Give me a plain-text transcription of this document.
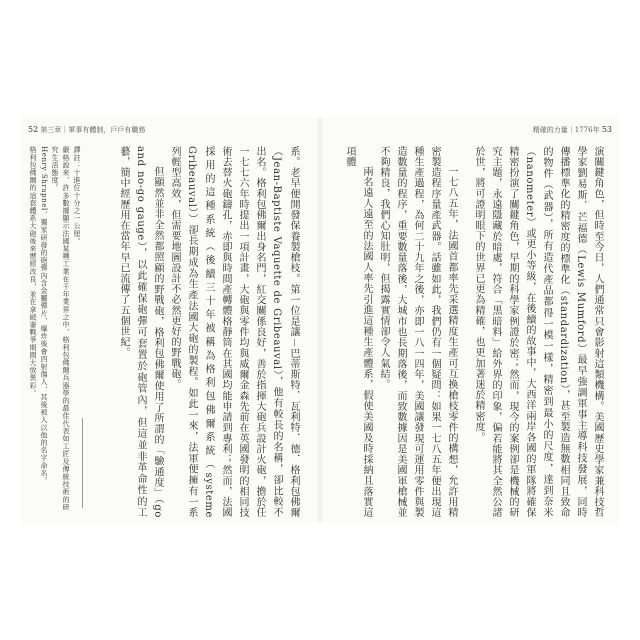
52 第三章｜軍事有體制，戶戶有職務

系。老早便開發保養製槍枝。第一位是讓－巴蒂斯特．瓦利特．德．格利包佛爾（Jean-Baptiste Vaquette de Gribeauval），他有較長的名稱，卻比較不出名。格利包佛爾出身名門，紅交關係良好，善於指揮大砲兵設計火砲，擔於任一七七六年時提出一項計畫，大砲與零件均與威爾金森先前在英國發明的相同技術去替火砲鑄孔，赤即與時間產轉體格靜筒在其國均能申請到專利；然而，法國採用的這種系統（後續三十年被稱為格利包佛爾系統（systeme Gribeauval））卻長期成為生產法國大砲的製程。如此一來，法軍便擁有一系列輕型高效，但需要地圖設計不必然更好的野戰砲。

但顯然並非全然都照顧的野戰砲，格利包佛爾使用了所謂的「驗通度」（go and no-go gauge），以此確保砲彈可套置於砲管內，但這並非革命性的工藝，簡中經歷用在當年早已流傳了五個世紀。

譯註：十進位十分之一公厘。

嚴格說來，許多數據顯示法國某種工業在千年業界之中，格利包佛爾兵器學的最佳代表如工匠及傳統技術的研究生活態度。

Henry Shrapnel，獨家研發的砲彈內含金屬彈片，爆炸後會四射傷人，其後被人以他的名字命名。

格利包佛爾的這套體系大砲後來歷經改良，並在拿破崙戰爭期間大放異彩。

精確的力量｜1776年 53

演關鍵角色，但時至今日，人們通常只會影射這類機構。美國歷史學家兼科技哲學家劉易斯．芒福德（Lewis Mumford）最早強調軍事主導科技發展，同時傳播標準化的精密度的標準化（standardization），甚至製造無數相同且致命的物件（武器），所有造代產品都得一模一樣，精密到最小的尺度，達到奈米（nanometer）或更小等級，在後續的故事中，大西洋兩岸各國的軍隊將確保精密扮演了關鍵角色，早期的科學家例證於密；然而，現今的案例卻是機械的研究主題，永遠隱藏於暗處，符合「黑暗料」給外界的印象，偏若能將其全然公諸於世，將可證明眼下的世界已更為精確，也更加著迷於精密度。

一七八五年，法國首都率先采選精度生產可互換槍枝零件的構想，允許用精密製造程序量產武器。話雖如此，我們仍有一個疑問：如果一七八五年便出現這種生產過程，為何二十九年之後，亦即一八一四年，美國讓發現可運用零件與製造數量的程序，重要數量落後，大城市也長期落後，而致數據因是美國軍槍械並不夠精良，我們心知肚明，但揭露實情卻令人氣結。

兩名遠人遠至的法國人率先引進這種生產體系，假使美國及時採納且落實這項體
